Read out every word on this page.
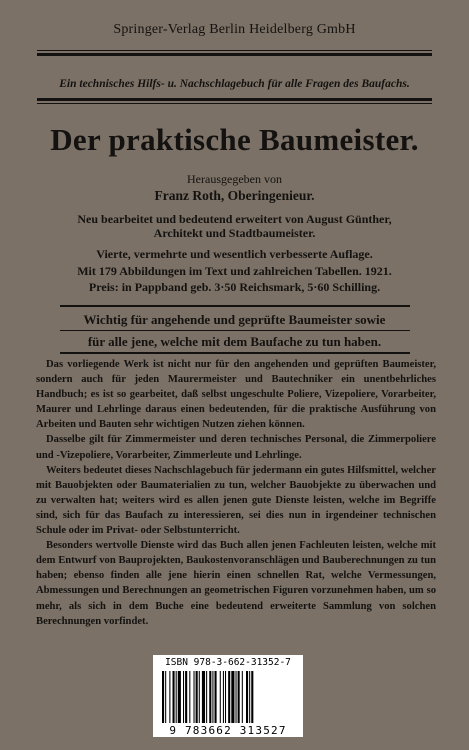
Springer-Verlag Berlin Heidelberg GmbH
Ein technisches Hilfs- u. Nachschlagebuch für alle Fragen des Baufachs.
Der praktische Baumeister.
Herausgegeben von
Franz Roth, Oberingenieur.
Neu bearbeitet und bedeutend erweitert von August Günther,
Architekt und Stadtbaumeister.
Vierte, vermehrte und wesentlich verbesserte Auflage.
Mit 179 Abbildungen im Text und zahlreichen Tabellen. 1921.
Preis: in Pappband geb. 3·50 Reichsmark, 5·60 Schilling.
Wichtig für angehende und geprüfte Baumeister sowie
für alle jene, welche mit dem Baufache zu tun haben.

Das vorliegende Werk ist nicht nur für den angehenden und geprüften Baumeister, sondern auch für jeden Maurermeister und Bautechniker ein unentbehrliches Handbuch; es ist so gearbeitet, daß selbst ungeschulte Poliere, Vizepoliere, Vorarbeiter, Maurer und Lehrlinge daraus einen bedeutenden, für die praktische Ausführung von Arbeiten und Bauten sehr wichtigen Nutzen ziehen können.

Dasselbe gilt für Zimmermeister und deren technisches Personal, die Zimmerpoliere und -Vizepoliere, Vorarbeiter, Zimmerleute und Lehrlinge.

Weiters bedeutet dieses Nachschlagebuch für jedermann ein gutes Hilfsmittel, welcher mit Bauobjekten oder Baumaterialien zu tun, welcher Bauobjekte zu überwachen und zu verwalten hat; weiters wird es allen jenen gute Dienste leisten, welche im Begriffe sind, sich für das Baufach zu interessieren, sei dies nun in irgendeiner technischen Schule oder im Privat- oder Selbstunterricht.

Besonders wertvolle Dienste wird das Buch allen jenen Fachleuten leisten, welche mit dem Entwurf von Bauprojekten, Baukostenvoranschlägen und Bauberechnungen zu tun haben; ebenso finden alle jene hierin einen schnellen Rat, welche Vermessungen, Abmessungen und Berechnungen an geometrischen Figuren vorzunehmen haben, um so mehr, als sich in dem Buche eine bedeutend erweiterte Sammlung von solchen Berechnungen vorfindet.

ISBN 978-3-662-31352-7
9 783662 313527
